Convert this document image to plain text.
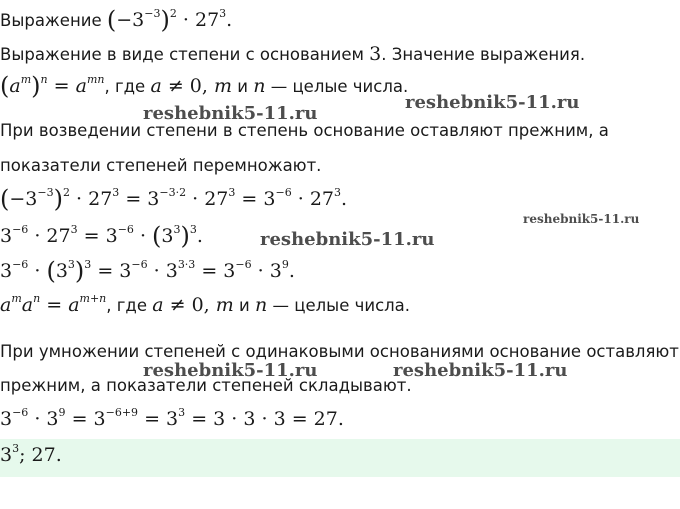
Выражение $(-3^{-3})^2 \cdot 27^3$.
Выражение в виде степени с основанием 3. Значение выражения.
$(a^m)^n = a^{mn}$, где a ≠ 0, m и n — целые числа.
При возведении степени в степень основание оставляют прежним, а
показатели степеней перемножают.
$(-3^{-3})^2 \cdot 27^3 = 3^{-3\cdot 2} \cdot 27^3 = 3^{-6} \cdot 27^3$.
$3^{-6} \cdot 27^3 = 3^{-6} \cdot (3^3)^3$.
$3^{-6} \cdot (3^3)^3 = 3^{-6} \cdot 3^{3\cdot 3} = 3^{-6} \cdot 3^9$.
$a^ma^n = a^{m+n}$, где a ≠ 0, m и n — целые числа.
При умножении степеней с одинаковыми основаниями основание оставляют
прежним, а показатели степеней складывают.
$3^{-6} \cdot 3^9 = 3^{-6+9} = 3^3 = 3 \cdot 3 \cdot 3 = 27$.
$3^3$; 27.
reshebnik5-11.ru
reshebnik5-11.ru
reshebnik5-11.ru
reshebnik5-11.ru
reshebnik5-11.ru	reshebnik5-11.ru
